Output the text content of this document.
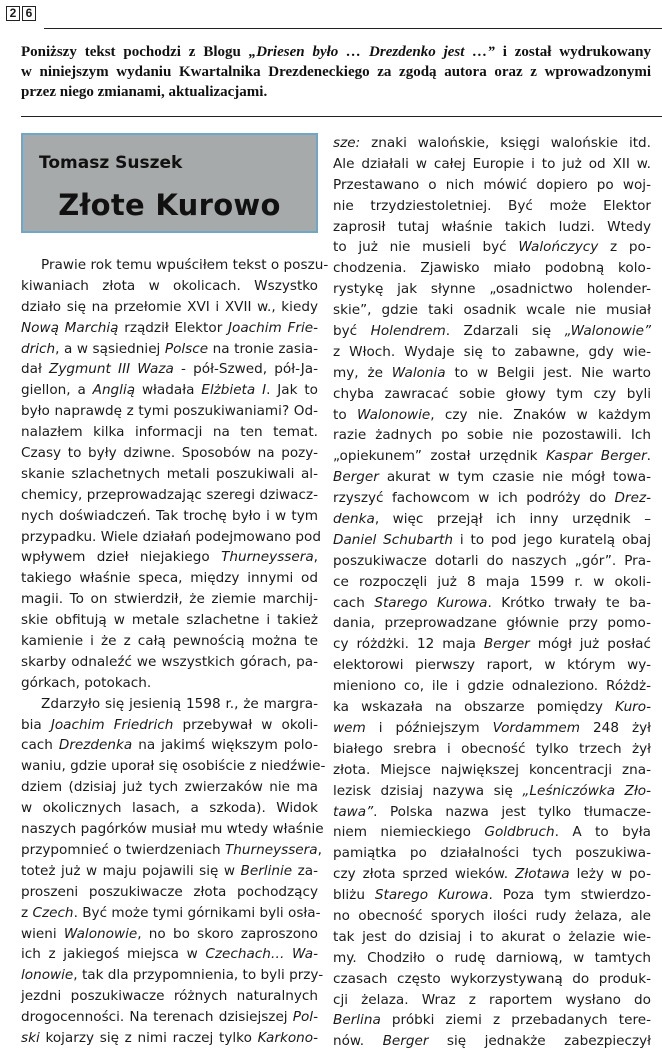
2 6
Poniższy tekst pochodzi z Blogu „Driesen było … Drezdenko jest …” i został wydrukowany
w niniejszym wydaniu Kwartalnika Drezdeneckiego za zgodą autora oraz z wprowadzonymi
przez niego zmianami, aktualizacjami.
Tomasz Suszek
Złote Kurowo
Prawie rok temu wpuściłem tekst o poszu-
kiwaniach złota w okolicach. Wszystko
działo się na przełomie XVI i XVII w., kiedy
Nową Marchią rządził Elektor Joachim Frie-
drich, a w sąsiedniej Polsce na tronie zasia-
dał Zygmunt III Waza - pół-Szwed, pół-Ja-
giellon, a Anglią władała Elżbieta I. Jak to
było naprawdę z tymi poszukiwaniami? Od-
nalazłem kilka informacji na ten temat.
Czasy to były dziwne. Sposobów na pozy-
skanie szlachetnych metali poszukiwali al-
chemicy, przeprowadzając szeregi dziwacz-
nych doświadczeń. Tak trochę było i w tym
przypadku. Wiele działań podejmowano pod
wpływem dzieł niejakiego Thurneyssera,
takiego właśnie speca, między innymi od
magii. To on stwierdził, że ziemie marchij-
skie obfitują w metale szlachetne i takież
kamienie i że z całą pewnością można te
skarby odnaleźć we wszystkich górach, pa-
górkach, potokach.
Zdarzyło się jesienią 1598 r., że margra-
bia Joachim Friedrich przebywał w okoli-
cach Drezdenka na jakimś większym polo-
waniu, gdzie uporał się osobiście z niedźwie-
dziem (dzisiaj już tych zwierzaków nie ma
w okolicznych lasach, a szkoda). Widok
naszych pagórków musiał mu wtedy właśnie
przypomnieć o twierdzeniach Thurneyssera,
toteż już w maju pojawili się w Berlinie za-
proszeni poszukiwacze złota pochodzący
z Czech. Być może tymi górnikami byli osła-
wieni Walonowie, no bo skoro zaproszono
ich z jakiegoś miejsca w Czechach… Wa-
lonowie, tak dla przypomnienia, to byli przy-
jezdni poszukiwacze różnych naturalnych
drogocenności. Na terenach dzisiejszej Pol-
ski kojarzy się z nimi raczej tylko Karkono-
sze: znaki walońskie, księgi walońskie itd.
Ale działali w całej Europie i to już od XII w.
Przestawano o nich mówić dopiero po woj-
nie trzydziestoletniej. Być może Elektor
zaprosił tutaj właśnie takich ludzi. Wtedy
to już nie musieli być Walończycy z po-
chodzenia. Zjawisko miało podobną kolo-
rystykę jak słynne „osadnictwo holender-
skie”, gdzie taki osadnik wcale nie musiał
być Holendrem. Zdarzali się „Walonowie”
z Włoch. Wydaje się to zabawne, gdy wie-
my, że Walonia to w Belgii jest. Nie warto
chyba zawracać sobie głowy tym czy byli
to Walonowie, czy nie. Znaków w każdym
razie żadnych po sobie nie pozostawili. Ich
„opiekunem” został urzędnik Kaspar Berger.
Berger akurat w tym czasie nie mógł towa-
rzyszyć fachowcom w ich podróży do Drez-
denka, więc przejął ich inny urzędnik –
Daniel Schubarth i to pod jego kuratelą obaj
poszukiwacze dotarli do naszych „gór”. Pra-
ce rozpoczęli już 8 maja 1599 r. w okoli-
cach Starego Kurowa. Krótko trwały te ba-
dania, przeprowadzane głównie przy pomo-
cy różdżki. 12 maja Berger mógł już posłać
elektorowi pierwszy raport, w którym wy-
mieniono co, ile i gdzie odnaleziono. Różdż-
ka wskazała na obszarze pomiędzy Kuro-
wem i późniejszym Vordammem 248 żył
białego srebra i obecność tylko trzech żył
złota. Miejsce największej koncentracji zna-
lezisk dzisiaj nazywa się „Leśniczówka Zło-
tawa”. Polska nazwa jest tylko tłumacze-
niem niemieckiego Goldbruch. A to była
pamiątka po działalności tych poszukiwa-
czy złota sprzed wieków. Złotawa leży w po-
bliżu Starego Kurowa. Poza tym stwierdzo-
no obecność sporych ilości rudy żelaza, ale
tak jest do dzisiaj i to akurat o żelazie wie-
my. Chodziło o rudę darniową, w tamtych
czasach często wykorzystywaną do produk-
cji żelaza. Wraz z raportem wysłano do
Berlina próbki ziemi z przebadanych tere-
nów. Berger się jednakże zabezpieczył
